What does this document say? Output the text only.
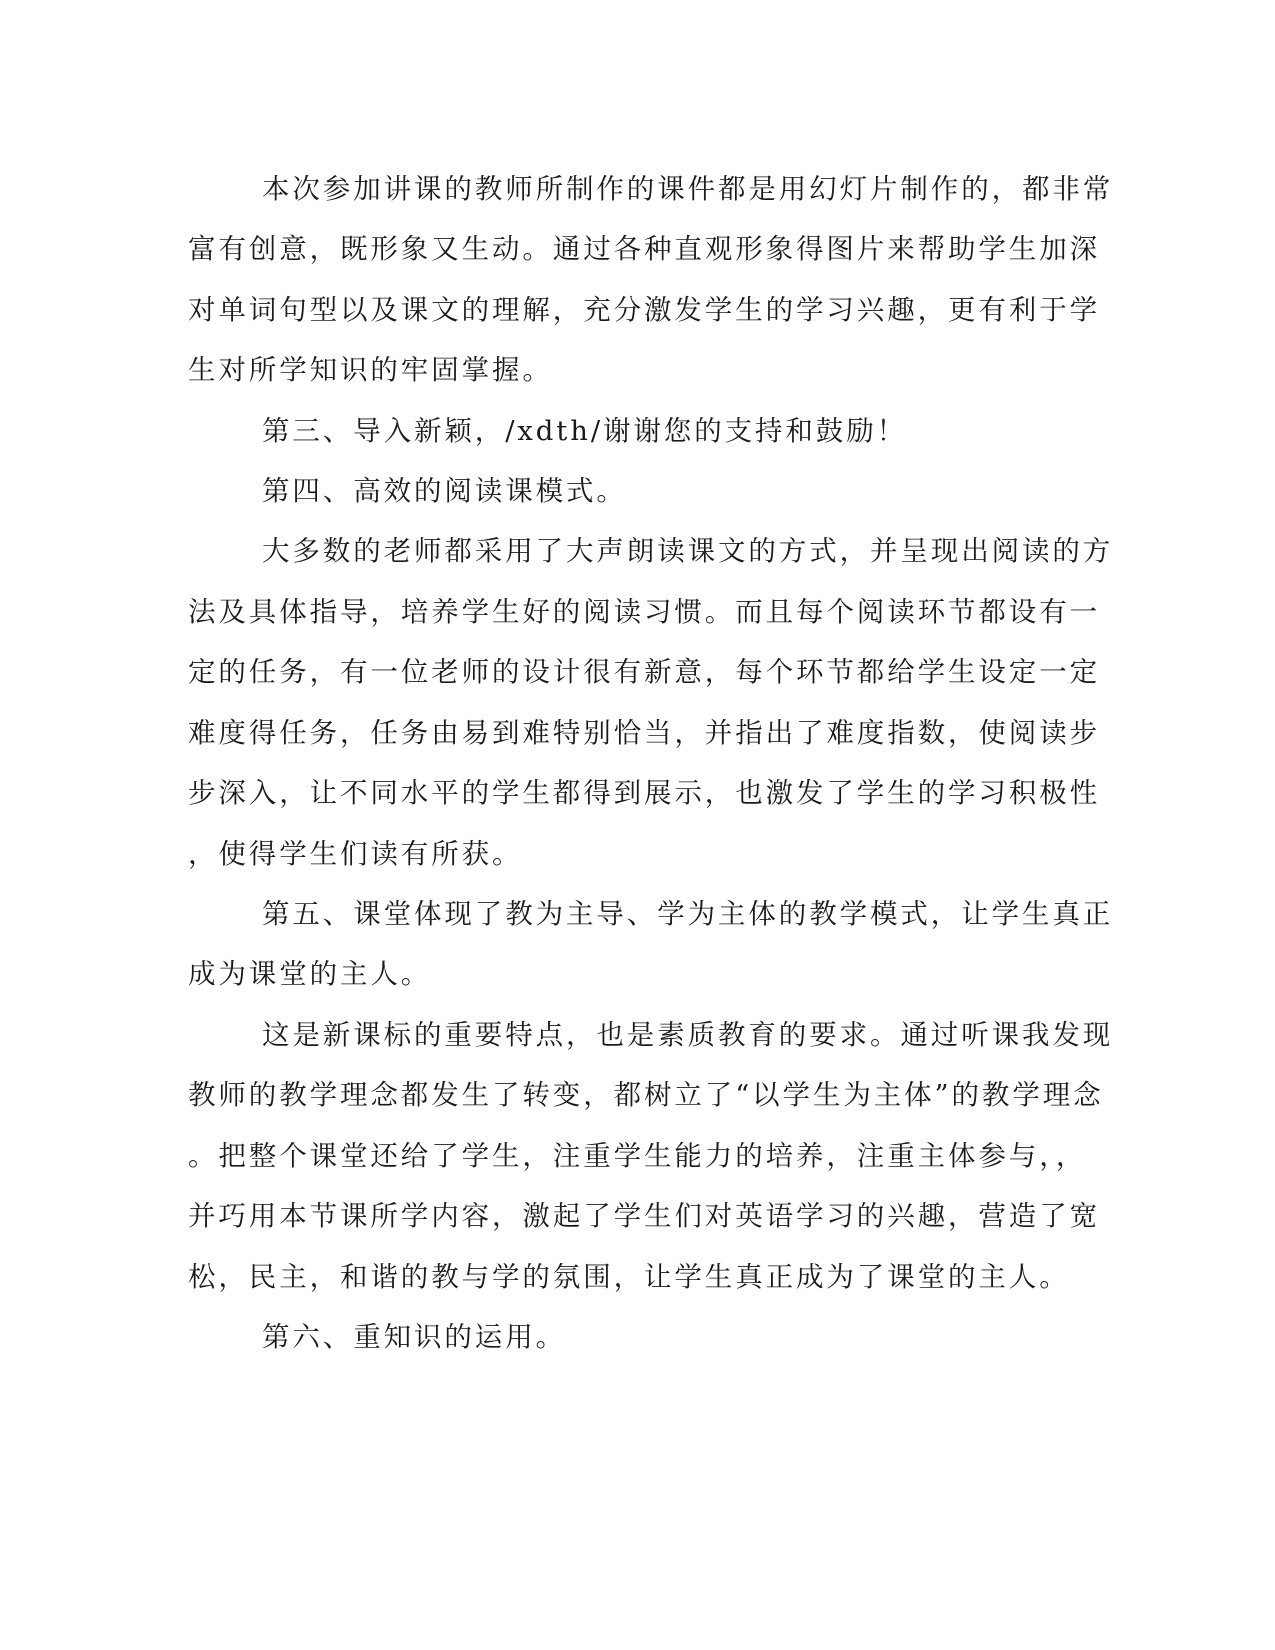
本次参加讲课的教师所制作的课件都是用幻灯片制作的，都非常

富有创意，既形象又生动。通过各种直观形象得图片来帮助学生加深

对单词句型以及课文的理解，充分激发学生的学习兴趣，更有利于学

生对所学知识的牢固掌握。

第三、导入新颖，/xdth/谢谢您的支持和鼓励！

第四、高效的阅读课模式。

大多数的老师都采用了大声朗读课文的方式，并呈现出阅读的方

法及具体指导，培养学生好的阅读习惯。而且每个阅读环节都设有一

定的任务，有一位老师的设计很有新意，每个环节都给学生设定一定

难度得任务，任务由易到难特别恰当，并指出了难度指数，使阅读步

步深入，让不同水平的学生都得到展示，也激发了学生的学习积极性

，使得学生们读有所获。

第五、课堂体现了教为主导、学为主体的教学模式，让学生真正

成为课堂的主人。

这是新课标的重要特点，也是素质教育的要求。通过听课我发现

教师的教学理念都发生了转变，都树立了“以学生为主体”的教学理念

。把整个课堂还给了学生，注重学生能力的培养，注重主体参与，，

并巧用本节课所学内容，激起了学生们对英语学习的兴趣，营造了宽

松，民主，和谐的教与学的氛围，让学生真正成为了课堂的主人。

第六、重知识的运用。
